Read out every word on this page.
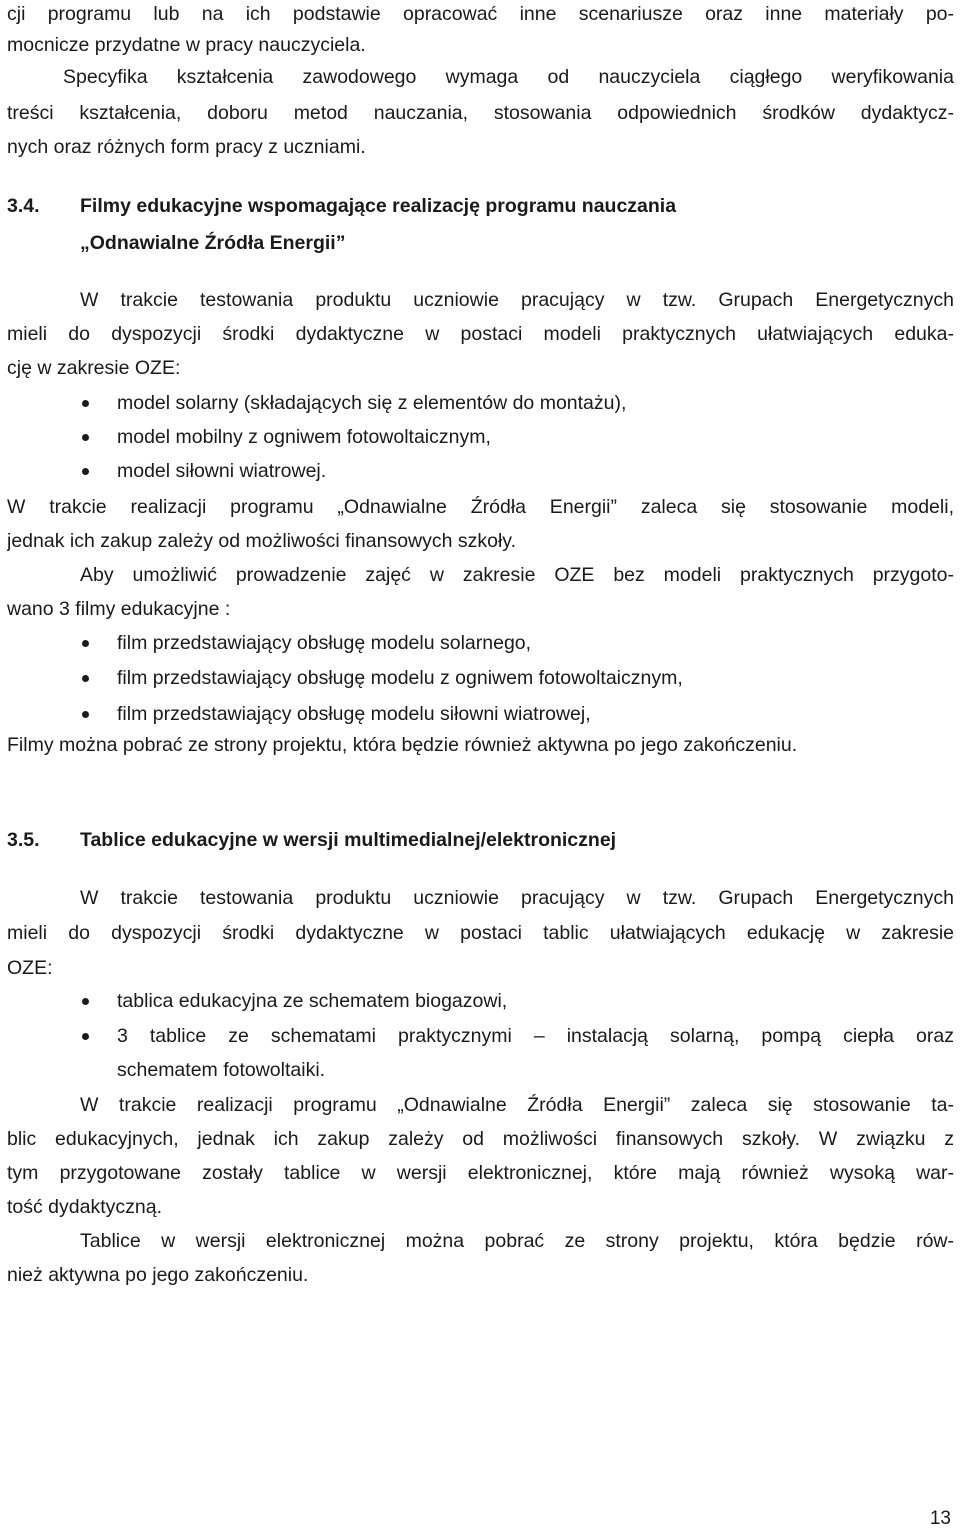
cji programu lub na ich podstawie opracować inne scenariusze oraz inne materiały po-
mocnicze przydatne w pracy nauczyciela.
Specyfika kształcenia zawodowego wymaga od nauczyciela ciągłego weryfikowania
treści kształcenia, doboru metod nauczania, stosowania odpowiednich środków dydaktycz-
nych oraz różnych form pracy z uczniami.
3.4. Filmy edukacyjne wspomagające realizację programu nauczania
„Odnawialne Źródła Energii”
W trakcie testowania produktu uczniowie pracujący w tzw. Grupach Energetycznych
mieli do dyspozycji środki dydaktyczne w postaci modeli praktycznych ułatwiających eduka-
cję w zakresie OZE:
model solarny (składających się z elementów do montażu),
model mobilny z ogniwem fotowoltaicznym,
model siłowni wiatrowej.
W trakcie realizacji programu „Odnawialne Źródła Energii” zaleca się stosowanie modeli,
jednak ich zakup zależy od możliwości finansowych szkoły.
Aby umożliwić prowadzenie zajęć w zakresie OZE bez modeli praktycznych przygoto-
wano 3 filmy edukacyjne :
film przedstawiający obsługę modelu solarnego,
film przedstawiający obsługę modelu z ogniwem fotowoltaicznym,
film przedstawiający obsługę modelu siłowni wiatrowej,
Filmy można pobrać ze strony projektu, która będzie również aktywna po jego zakończeniu.
3.5. Tablice edukacyjne w wersji multimedialnej/elektronicznej
W trakcie testowania produktu uczniowie pracujący w tzw. Grupach Energetycznych
mieli do dyspozycji środki dydaktyczne w postaci tablic ułatwiających edukację w zakresie
OZE:
tablica edukacyjna ze schematem biogazowi,
3 tablice ze schematami praktycznymi – instalacją solarną, pompą ciepła oraz
schematem fotowoltaiki.
W trakcie realizacji programu „Odnawialne Źródła Energii” zaleca się stosowanie ta-
blic edukacyjnych, jednak ich zakup zależy od możliwości finansowych szkoły. W związku z
tym przygotowane zostały tablice w wersji elektronicznej, które mają również wysoką war-
tość dydaktyczną.
Tablice w wersji elektronicznej można pobrać ze strony projektu, która będzie rów-
nież aktywna po jego zakończeniu.
13
